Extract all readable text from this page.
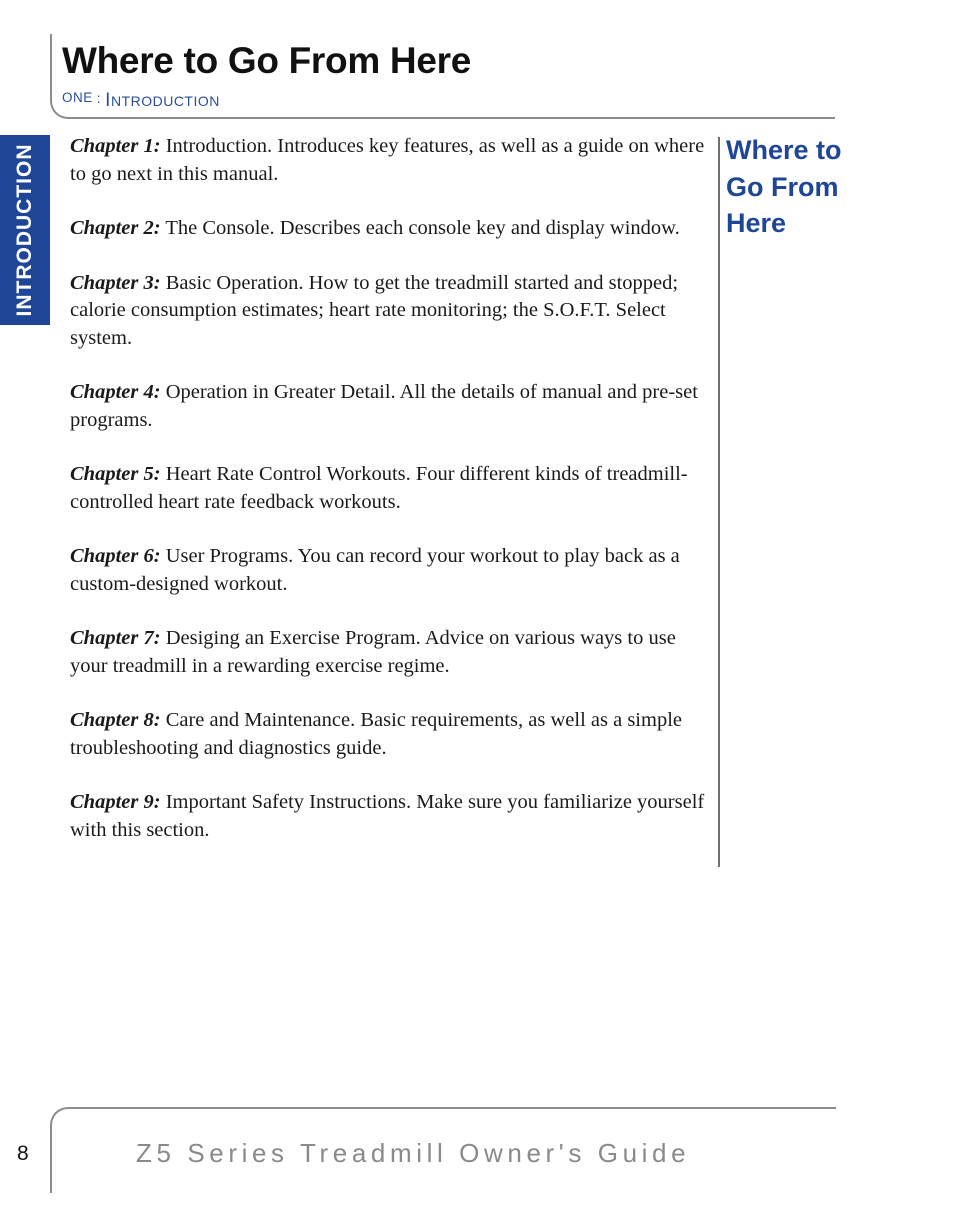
Where to Go From Here
ONE : INTRODUCTION
INTRODUCTION Chapter 1: Introduction. Introduces key features, as well as a guide on where to go next in this manual.

Chapter 2: The Console. Describes each console key and display window.

Chapter 3: Basic Operation. How to get the treadmill started and stopped; calorie consumption estimates; heart rate monitoring; the S.O.F.T. Select system.

Chapter 4: Operation in Greater Detail. All the details of manual and pre-set programs.

Chapter 5: Heart Rate Control Workouts. Four different kinds of treadmill-controlled heart rate feedback workouts.

Chapter 6: User Programs. You can record your workout to play back as a custom-designed workout.

Chapter 7: Desiging an Exercise Program. Advice on various ways to use your treadmill in a rewarding exercise regime.

Chapter 8: Care and Maintenance. Basic requirements, as well as a simple troubleshooting and diagnostics guide.

Chapter 9: Important Safety Instructions. Make sure you familiarize yourself with this section.

Where to
Go From
Here
8	Z5 Series Treadmill Owner's Guide
